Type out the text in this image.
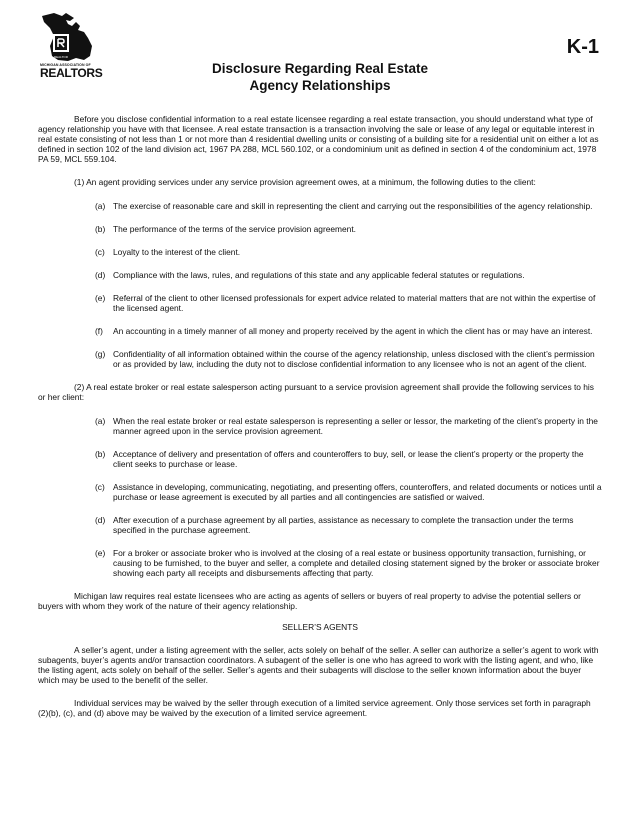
REALTOR
MICHIGAN ASSOCIATION OF
REALTORS
K-1
Disclosure Regarding Real Estate
Agency Relationships

Before you disclose confidential information to a real estate licensee regarding a real estate transaction, you should understand what type of agency relationship you have with that licensee. A real estate transaction is a transaction involving the sale or lease of any legal or equitable interest in real estate consisting of not less than 1 or not more than 4 residential dwelling units or consisting of a building site for a residential unit on either a lot as defined in section 102 of the land division act, 1967 PA 288, MCL 560.102, or a condominium unit as defined in section 4 of the condominium act, 1978 PA 59, MCL 559.104.

(1) An agent providing services under any service provision agreement owes, at a minimum, the following duties to the client:

(a) The exercise of reasonable care and skill in representing the client and carrying out the responsibilities of the agency relationship.
(b) The performance of the terms of the service provision agreement.
(c) Loyalty to the interest of the client.
(d) Compliance with the laws, rules, and regulations of this state and any applicable federal statutes or regulations.
(e) Referral of the client to other licensed professionals for expert advice related to material matters that are not within the expertise of the licensed agent.
(f)	An accounting in a timely manner of all money and property received by the agent in which the client has or may have an interest.
(g) Confidentiality of all information obtained within the course of the agency relationship, unless disclosed with the client’s permission or as provided by law, including the duty not to disclose confidential information to any licensee who is not an agent of the client.

(2) A real estate broker or real estate salesperson acting pursuant to a service provision agreement shall provide the following services to his or her client:

(a) When the real estate broker or real estate salesperson is representing a seller or lessor, the marketing of the client’s property in the manner agreed upon in the service provision agreement.
(b) Acceptance of delivery and presentation of offers and counteroffers to buy, sell, or lease the client’s property or the property the client seeks to purchase or lease.
(c) Assistance in developing, communicating, negotiating, and presenting offers, counteroffers, and related documents or notices until a purchase or lease agreement is executed by all parties and all contingencies are satisfied or waived.
(d) After execution of a purchase agreement by all parties, assistance as necessary to complete the transaction under the terms specified in the purchase agreement.
(e) For a broker or associate broker who is involved at the closing of a real estate or business opportunity transaction, furnishing, or causing to be furnished, to the buyer and seller, a complete and detailed closing statement signed by the broker or associate broker showing each party all receipts and disbursements affecting that party.

Michigan law requires real estate licensees who are acting as agents of sellers or buyers of real property to advise the potential sellers or buyers with whom they work of the nature of their agency relationship.

SELLER’S AGENTS

A seller’s agent, under a listing agreement with the seller, acts solely on behalf of the seller. A seller can authorize a seller’s agent to work with subagents, buyer’s agents and/or transaction coordinators. A subagent of the seller is one who has agreed to work with the listing agent, and who, like the listing agent, acts solely on behalf of the seller. Seller’s agents and their subagents will disclose to the seller known information about the buyer which may be used to the benefit of the seller.

Individual services may be waived by the seller through execution of a limited service agreement. Only those services set forth in paragraph (2)(b), (c), and (d) above may be waived by the execution of a limited service agreement.
